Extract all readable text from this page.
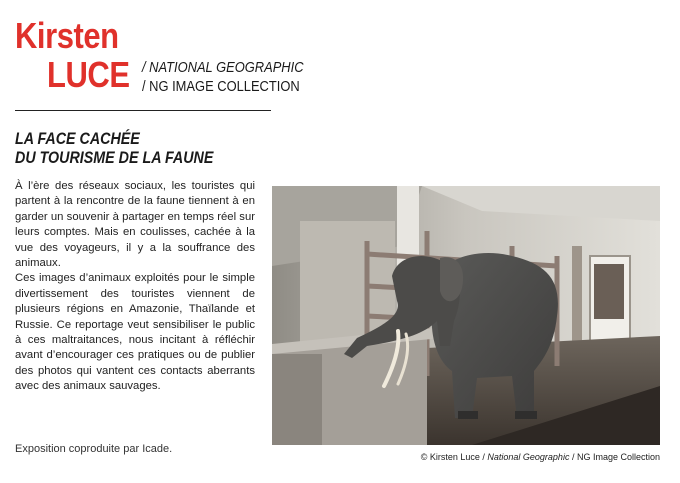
Kirsten
LUCE / NATIONAL GEOGRAPHIC
/ NG IMAGE COLLECTION
LA FACE CACHÉE
DU TOURISME DE LA FAUNE

À l’ère des réseaux sociaux, les touristes qui partent à la rencontre de la faune tiennent à en garder un souvenir à partager en temps réel sur leurs comptes. Mais en coulisses, cachée à la vue des voyageurs, il y a la souffrance des animaux.

Ces images d’animaux exploités pour le simple divertissement des touristes viennent de plusieurs régions en Amazonie, Thaïlande et Russie. Ce reportage veut sensibiliser le public à ces maltraitances, nous incitant à réfléchir avant d’encourager ces pratiques ou de publier des photos qui vantent ces contacts aberrants avec des animaux sauvages.

Exposition coproduite par Icade.
© Kirsten Luce / National Geographic / NG Image Collection
